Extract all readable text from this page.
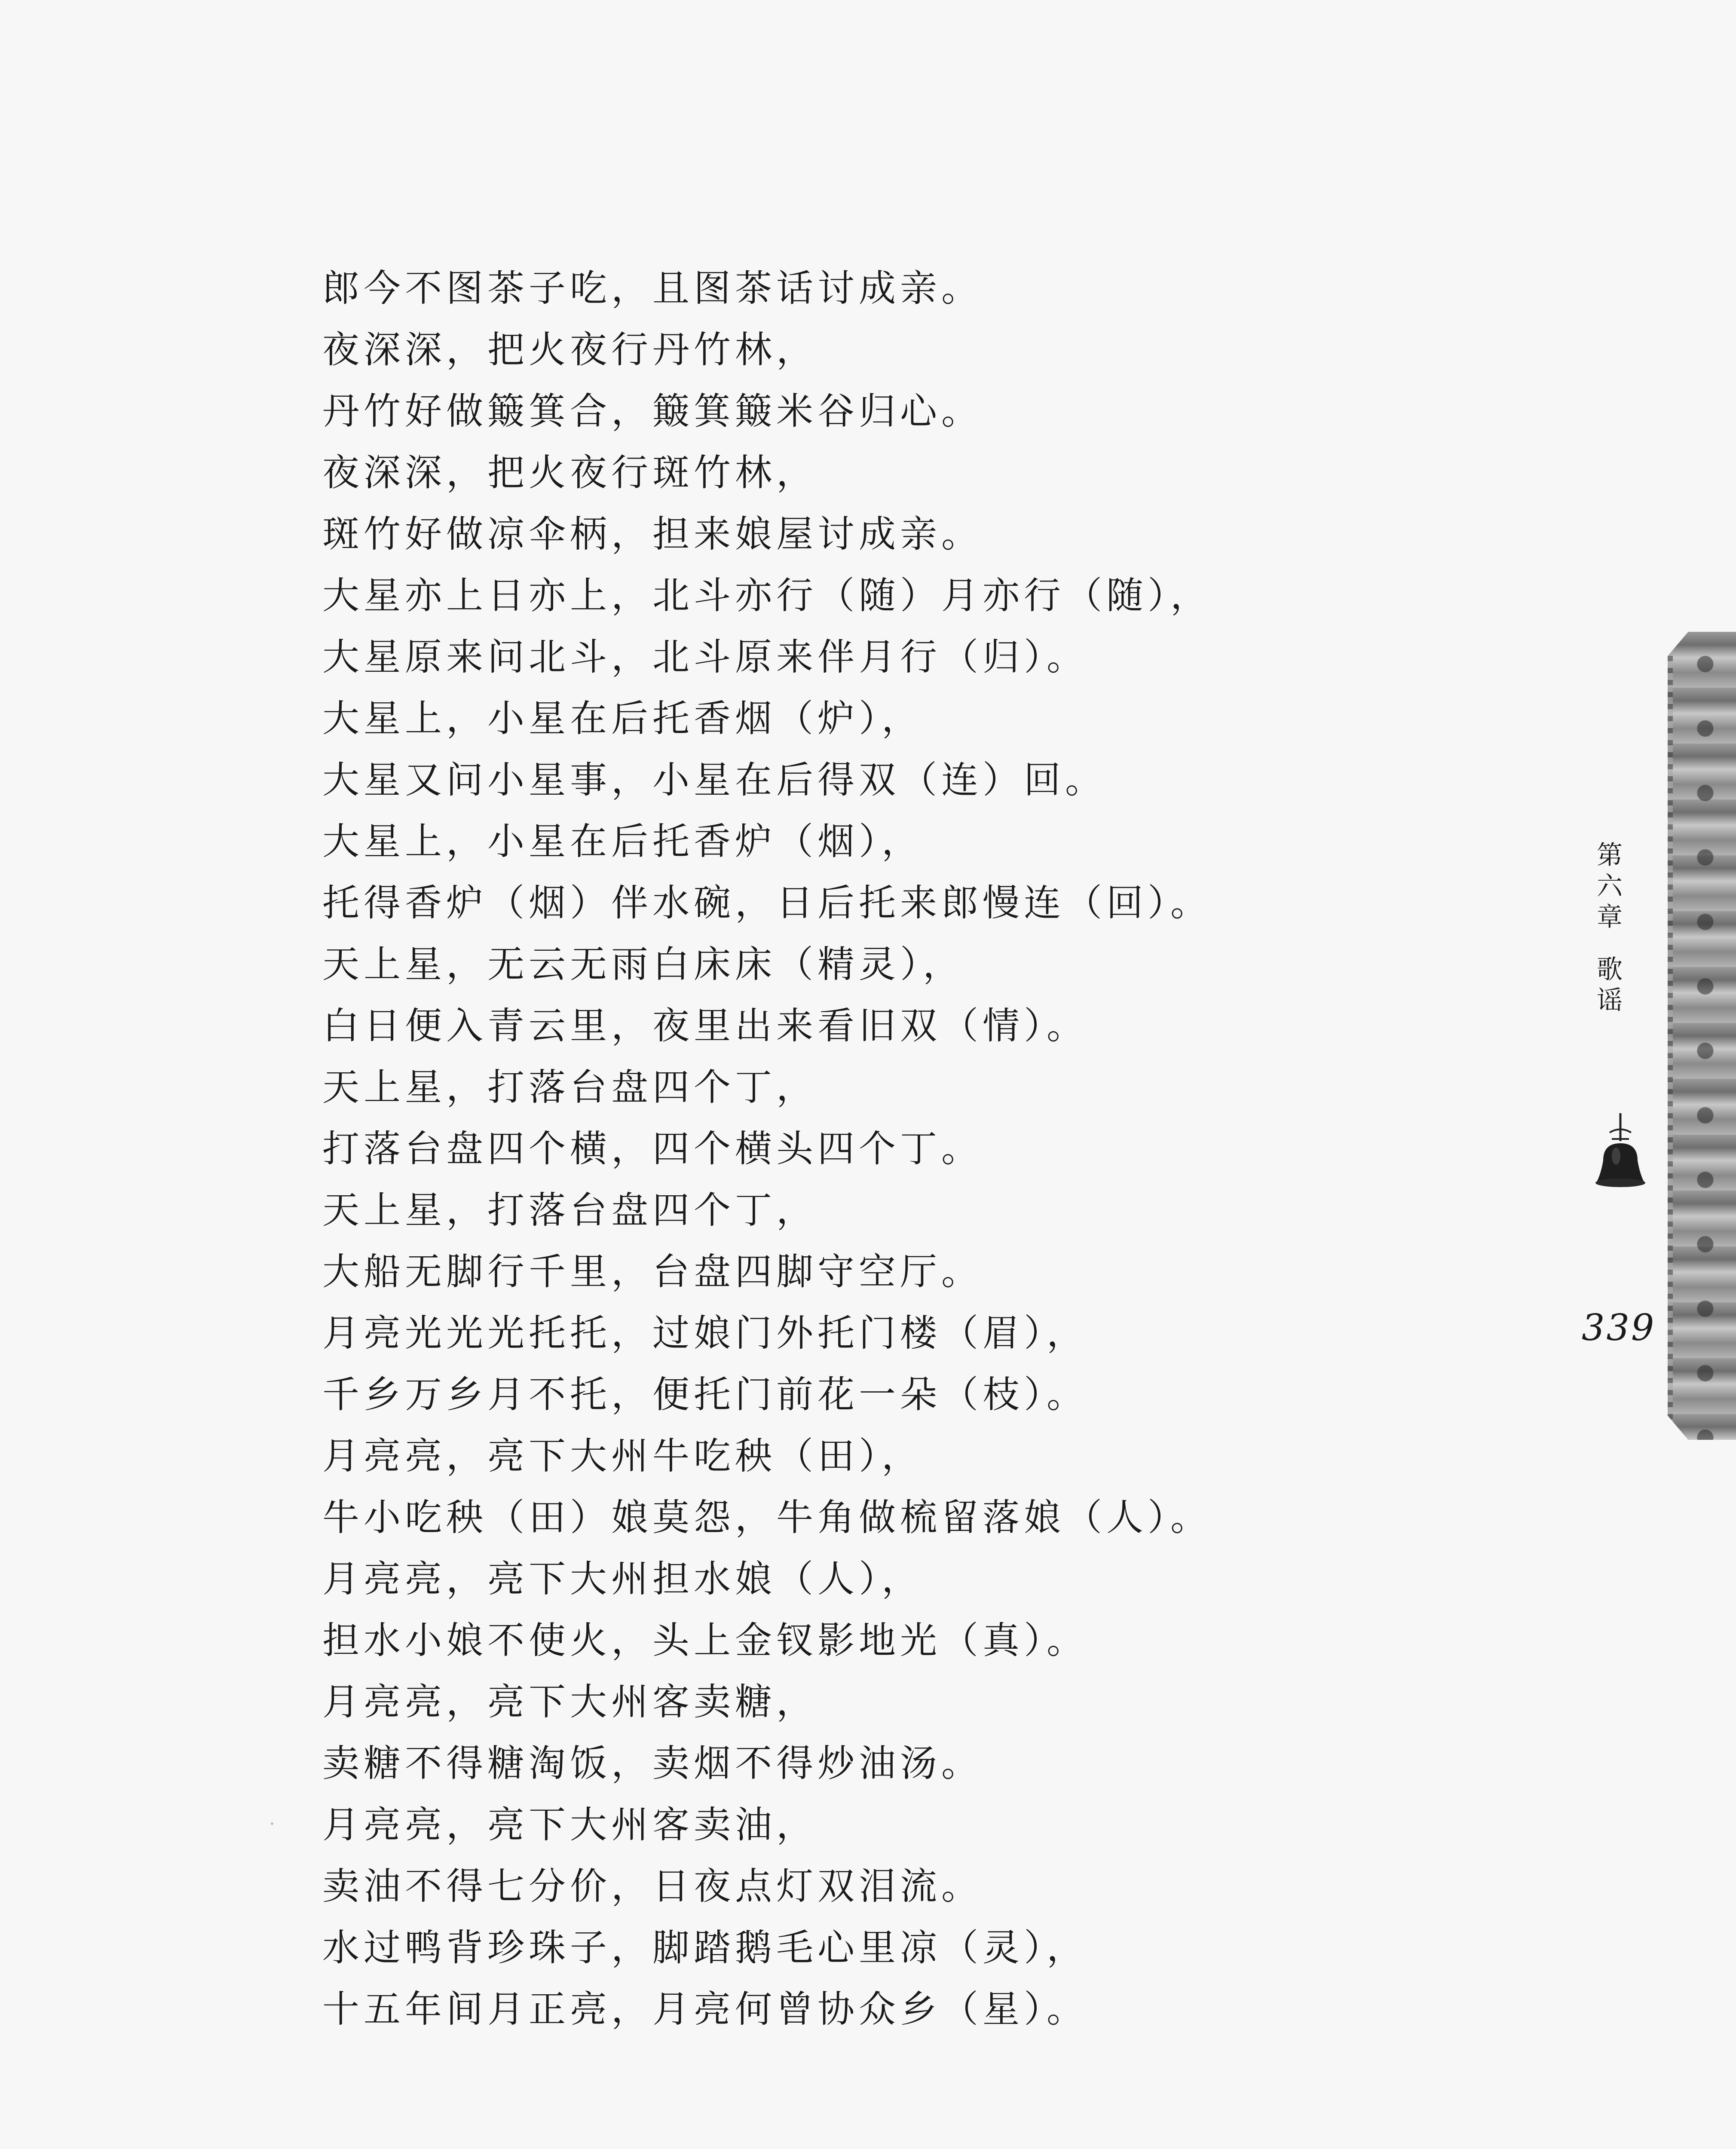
郎今不图茶子吃，且图茶话讨成亲。
夜深深，把火夜行丹竹林，
丹竹好做簸箕合，簸箕簸米谷归心。
夜深深，把火夜行斑竹林，
斑竹好做凉伞柄，担来娘屋讨成亲。
大星亦上日亦上，北斗亦行（随）月亦行（随），
大星原来问北斗，北斗原来伴月行（归）。
大星上，小星在后托香烟（炉），
大星又问小星事，小星在后得双（连）回。
大星上，小星在后托香炉（烟），
托得香炉（烟）伴水碗，日后托来郎慢连（回）。
天上星，无云无雨白床床（精灵），
白日便入青云里，夜里出来看旧双（情）。
天上星，打落台盘四个丁，
打落台盘四个横，四个横头四个丁。
天上星，打落台盘四个丁，
大船无脚行千里，台盘四脚守空厅。
月亮光光光托托，过娘门外托门楼（眉），
千乡万乡月不托，便托门前花一朵（枝）。
月亮亮，亮下大州牛吃秧（田），
牛小吃秧（田）娘莫怨，牛角做梳留落娘（人）。
月亮亮，亮下大州担水娘（人），
担水小娘不使火，头上金钗影地光（真）。
月亮亮，亮下大州客卖糖，
卖糖不得糖淘饭，卖烟不得炒油汤。
月亮亮，亮下大州客卖油，
卖油不得七分价，日夜点灯双泪流。
水过鸭背珍珠子，脚踏鹅毛心里凉（灵），
十五年间月正亮，月亮何曾协众乡（星）。
第
六
章
歌
谣
339
